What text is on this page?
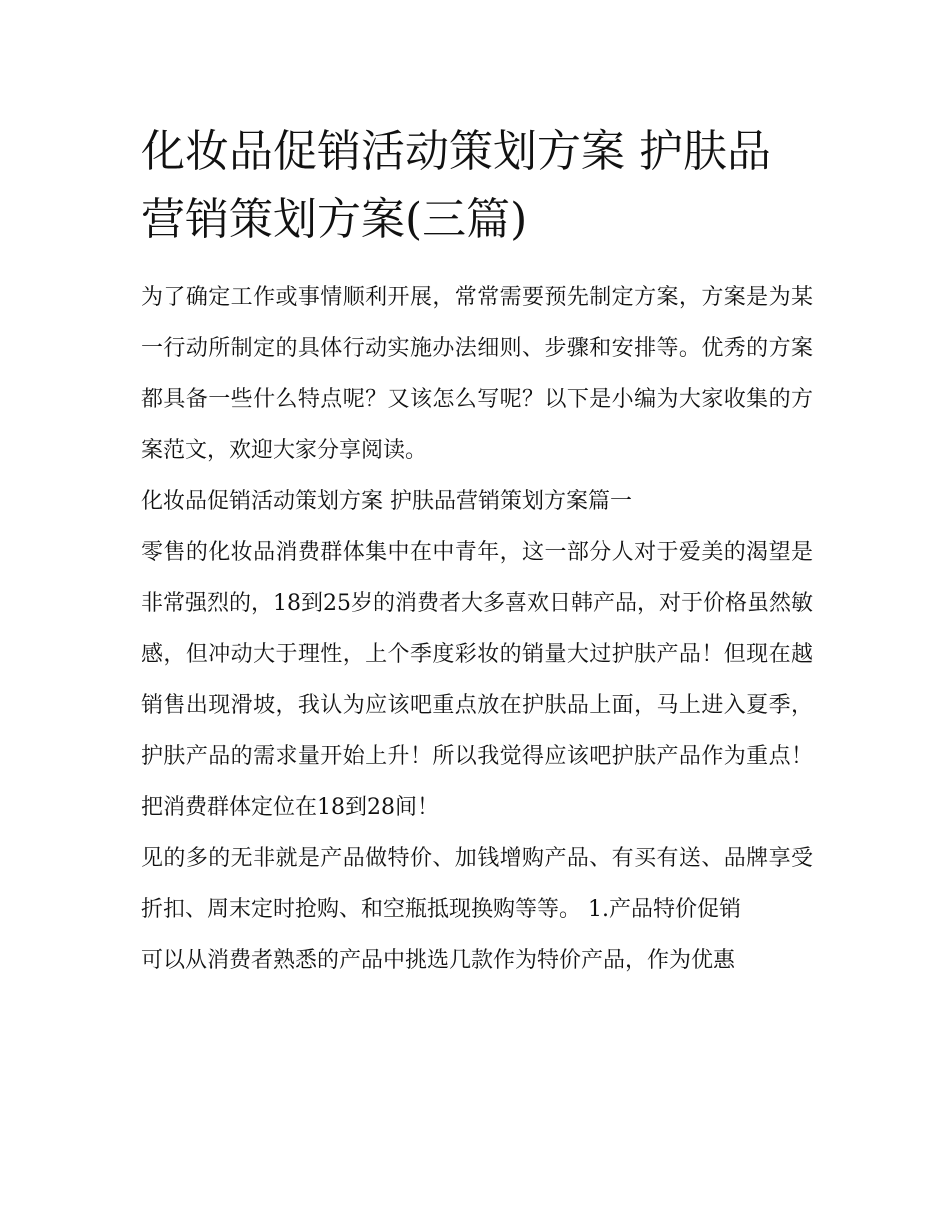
化妆品促销活动策划方案 护肤品营销策划方案(三篇)

为了确定工作或事情顺利开展，常常需要预先制定方案，方案是为某一行动所制定的具体行动实施办法细则、步骤和安排等。优秀的方案都具备一些什么特点呢？又该怎么写呢？以下是小编为大家收集的方案范文，欢迎大家分享阅读。

化妆品促销活动策划方案 护肤品营销策划方案篇一

零售的化妆品消费群体集中在中青年，这一部分人对于爱美的渴望是非常强烈的，18到25岁的消费者大多喜欢日韩产品，对于价格虽然敏感，但冲动大于理性，上个季度彩妆的销量大过护肤产品！但现在越销售出现滑坡，我认为应该吧重点放在护肤品上面，马上进入夏季，护肤产品的需求量开始上升！所以我觉得应该吧护肤产品作为重点！把消费群体定位在18到28间！

见的多的无非就是产品做特价、加钱增购产品、有买有送、品牌享受折扣、周末定时抢购、和空瓶抵现换购等等。 1.产品特价促销

可以从消费者熟悉的产品中挑选几款作为特价产品，作为优惠
